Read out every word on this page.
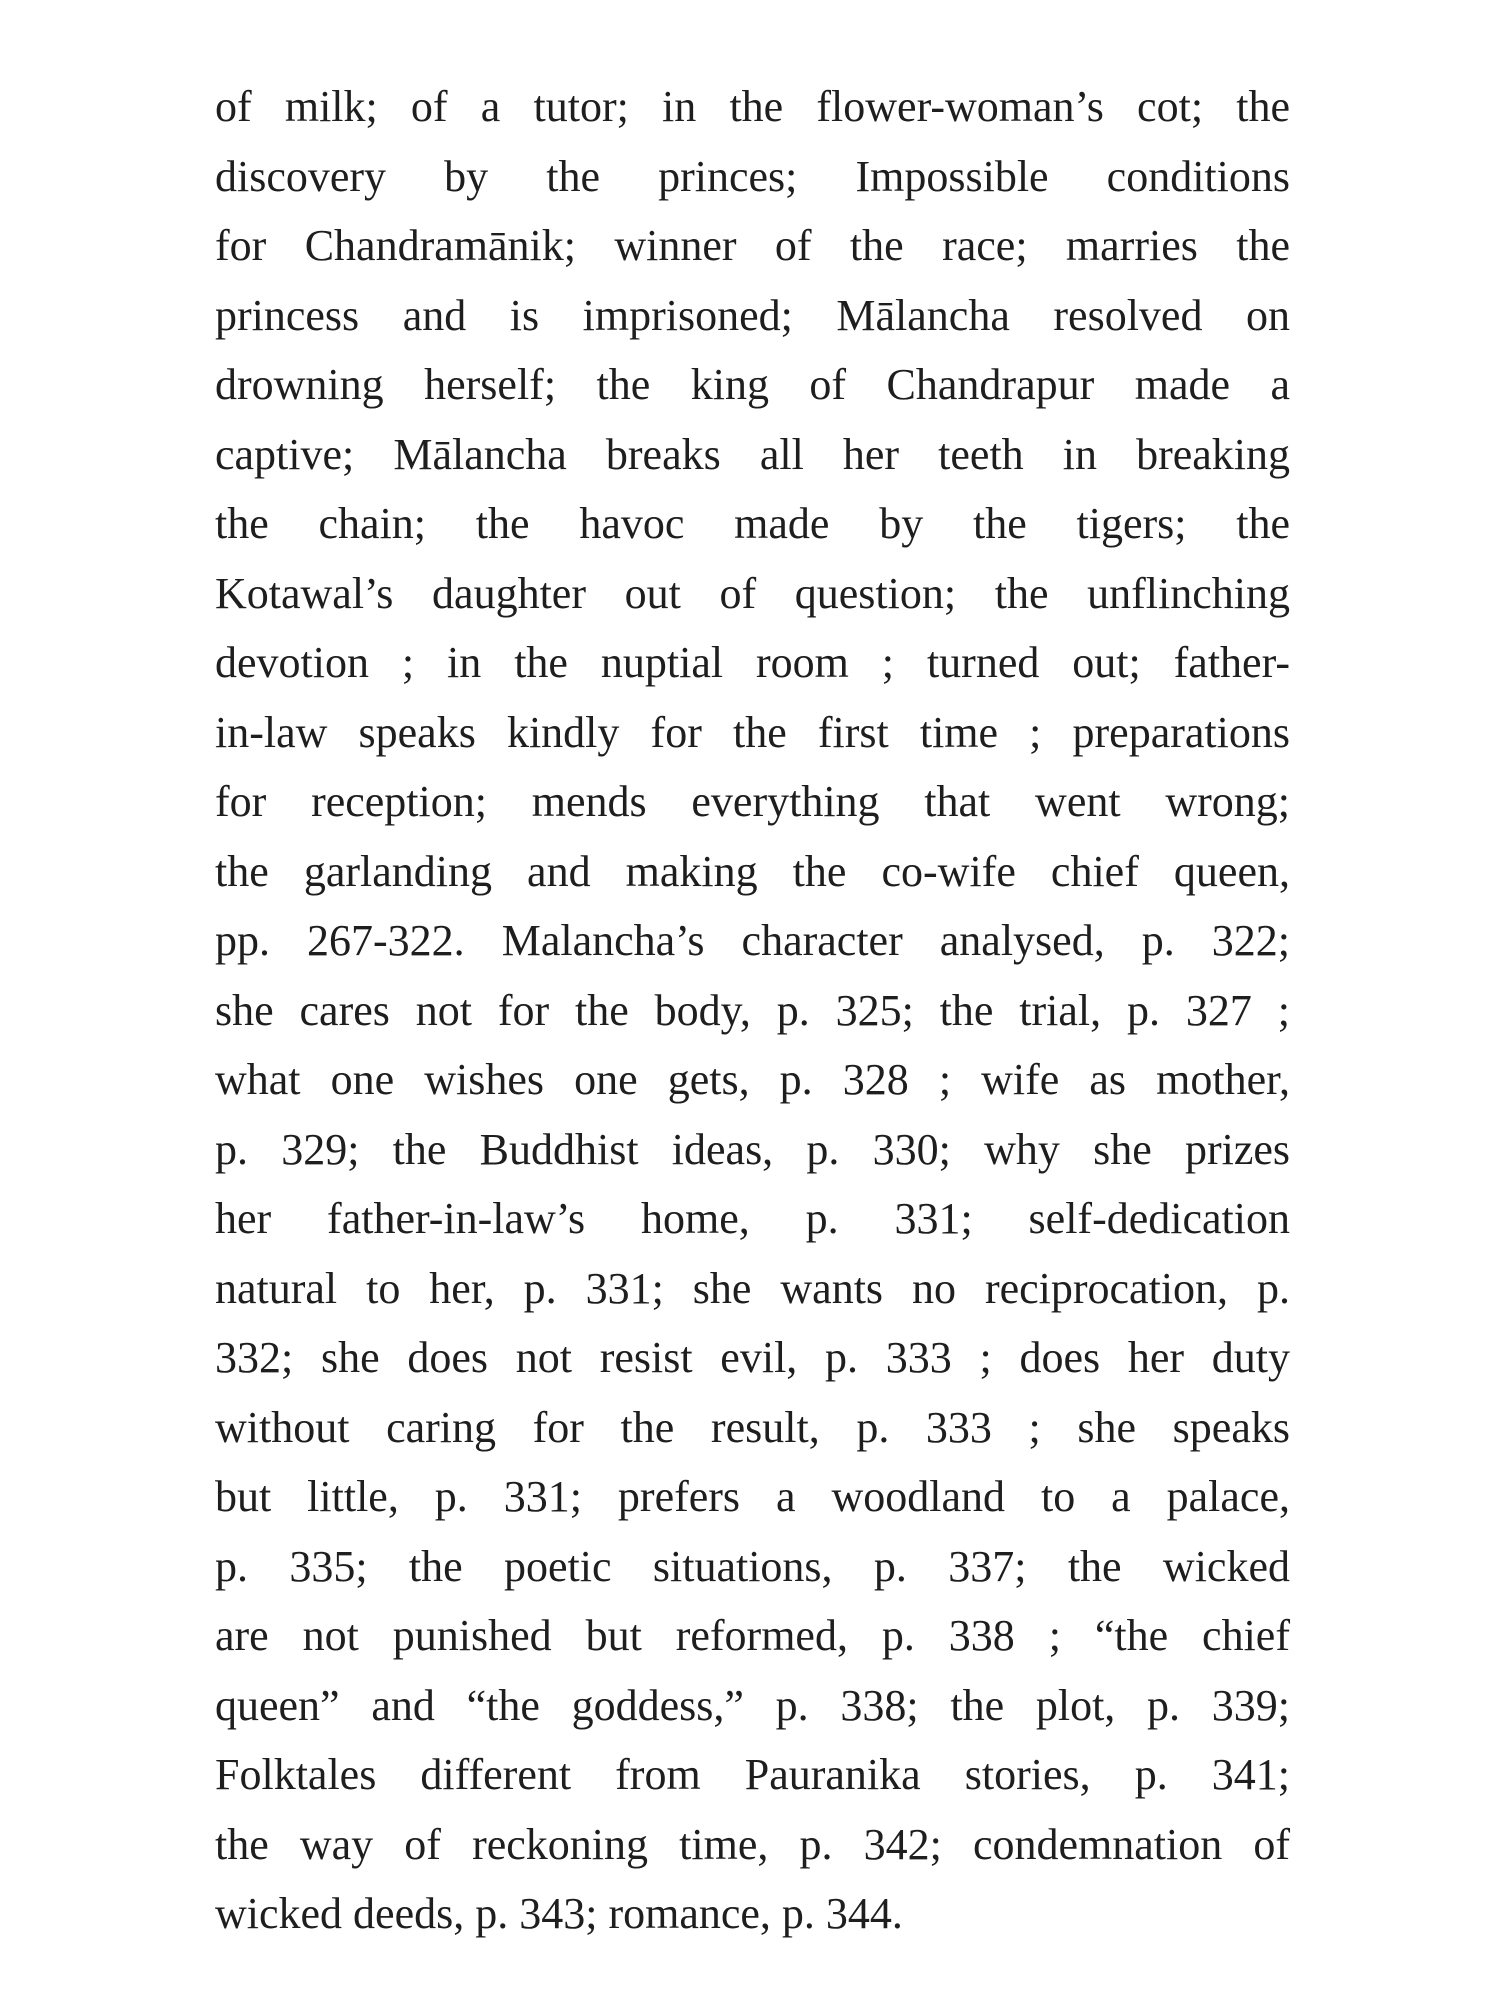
of milk; of a tutor; in the flower-woman’s cot; the
discovery by the princes; Impossible conditions
for Chandramānik; winner of the race; marries the
princess and is imprisoned; Mālancha resolved on
drowning herself; the king of Chandrapur made a
captive; Mālancha breaks all her teeth in breaking
the chain; the havoc made by the tigers; the
Kotawal’s daughter out of question; the unflinching
devotion ; in the nuptial room ; turned out; father-
in-law speaks kindly for the first time ; preparations
for reception; mends everything that went wrong;
the garlanding and making the co-wife chief queen,
pp. 267-322. Malancha’s character analysed, p. 322;
she cares not for the body, p. 325; the trial, p. 327 ;
what one wishes one gets, p. 328 ; wife as mother,
p. 329; the Buddhist ideas, p. 330; why she prizes
her father-in-law’s home, p. 331; self-dedication
natural to her, p. 331; she wants no reciprocation, p.
332; she does not resist evil, p. 333 ; does her duty
without caring for the result, p. 333 ; she speaks
but little, p. 331; prefers a woodland to a palace,
p. 335; the poetic situations, p. 337; the wicked
are not punished but reformed, p. 338 ; “the chief
queen” and “the goddess,” p. 338; the plot, p. 339;
Folktales different from Pauranika stories, p. 341;
the way of reckoning time, p. 342; condemnation of
wicked deeds, p. 343; romance, p. 344.
